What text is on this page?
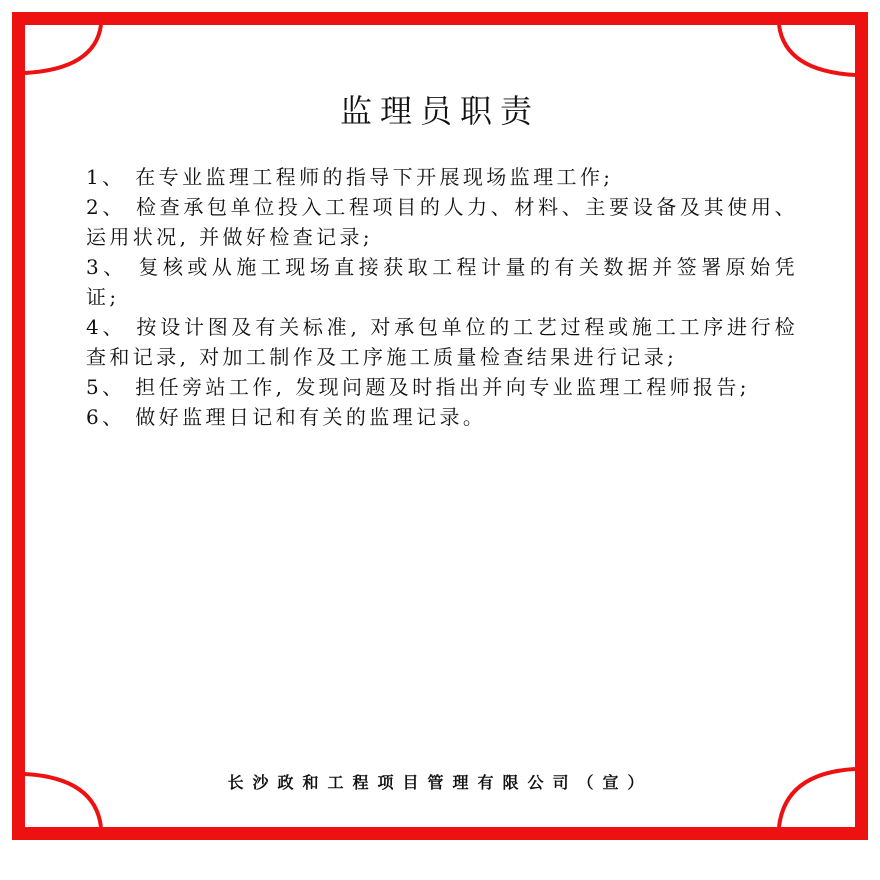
监理员职责

1、 在专业监理工程师的指导下开展现场监理工作;

2、 检查承包单位投入工程项目的人力、材料、主要设备及其使用、运用状况, 并做好检查记录;

3、 复核或从施工现场直接获取工程计量的有关数据并签署原始凭证;

4、 按设计图及有关标准, 对承包单位的工艺过程或施工工序进行检查和记录, 对加工制作及工序施工质量检查结果进行记录;

5、 担任旁站工作, 发现问题及时指出并向专业监理工程师报告;

6、 做好监理日记和有关的监理记录。

长沙政和工程项目管理有限公司（宣）
